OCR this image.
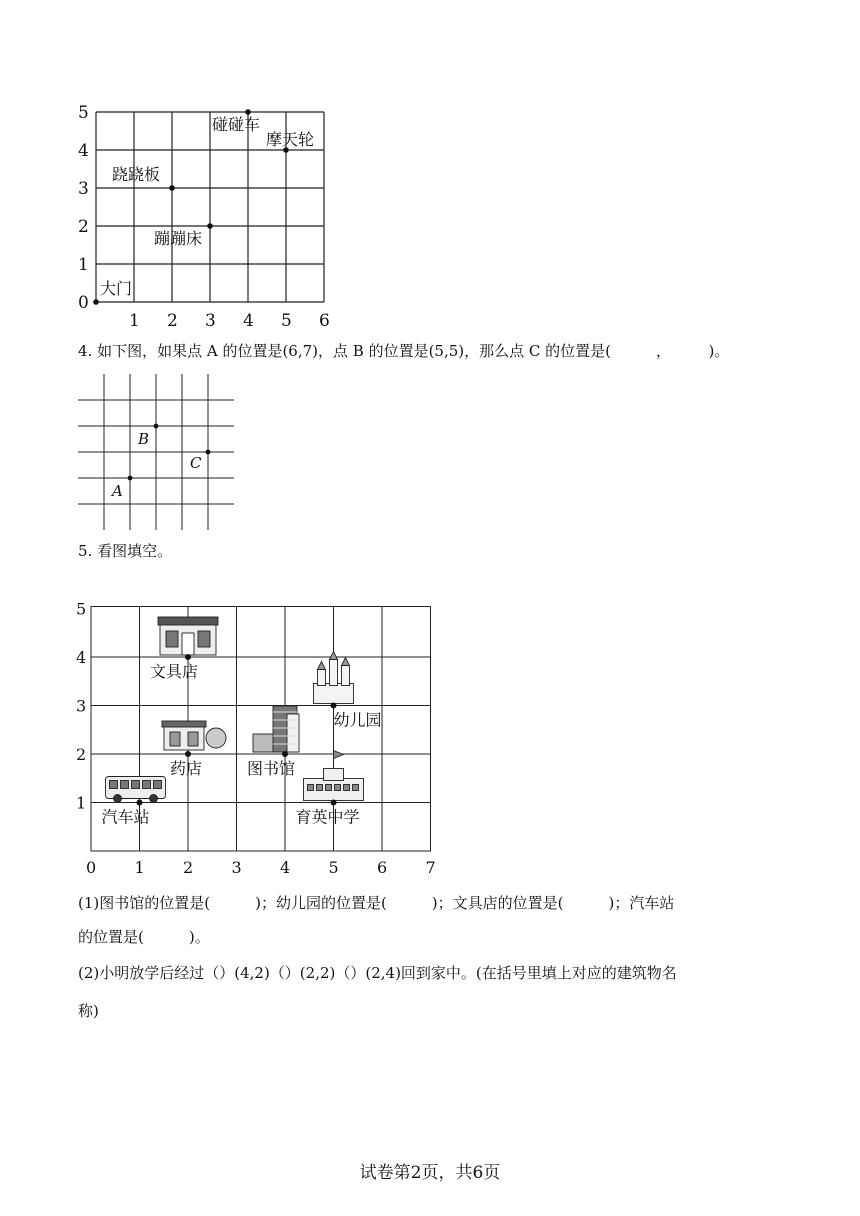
0
1
2
3
4
5
1 2 3 4 5 6
大门
蹦蹦床
跷跷板
碰碰车
摩天轮
4. 如下图，如果点 A 的位置是(6,7)，点 B 的位置是(5,5)，那么点 C 的位置是(　　　，　　　)。
A
B
C
5. 看图填空。
5
4
3
2
1
0 1 2 3 4 5 6 7
文具店
幼儿园
药店	图书馆
汽车站	育英中学
(1)图书馆的位置是(　　　)；幼儿园的位置是(　　　)；文具店的位置是(　　　)；汽车站
的位置是(　　　)。
(2)小明放学后经过（）(4,2)（）(2,2)（）(2,4)回到家中。(在括号里填上对应的建筑物名
称)
试卷第2页，共6页
